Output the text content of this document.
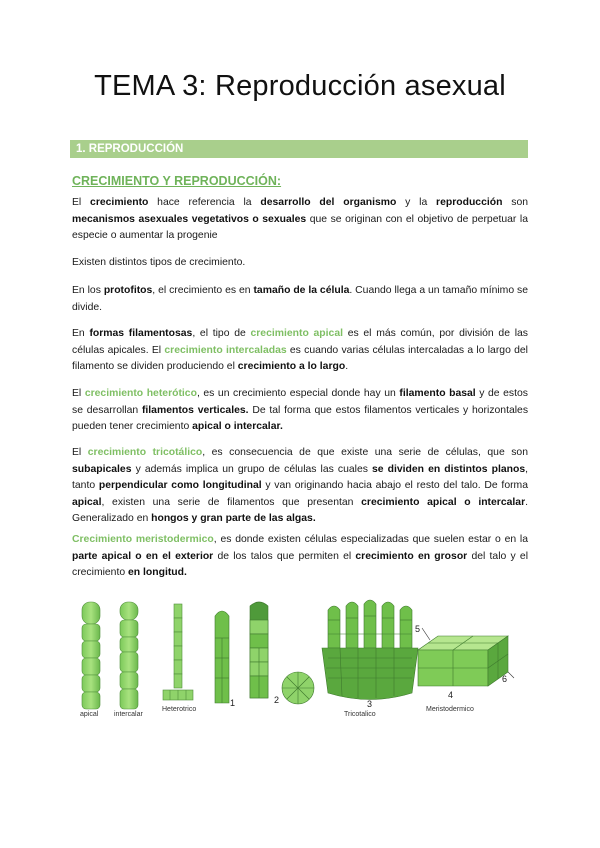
TEMA 3: Reproducción asexual
1. REPRODUCCIÓN
CRECIMIENTO Y REPRODUCCIÓN:
El crecimiento hace referencia la desarrollo del organismo y la reproducción son mecanismos asexuales vegetativos o sexuales que se originan con el objetivo de perpetuar la especie o aumentar la progenie
Existen distintos tipos de crecimiento.
En los protofitos, el crecimiento es en tamaño de la célula. Cuando llega a un tamaño mínimo se divide.
En formas filamentosas, el tipo de crecimiento apical es el más común, por división de las células apicales. El crecimiento intercaladas es cuando varias células intercaladas a lo largo del filamento se dividen produciendo el crecimiento a lo largo.
El crecimiento heterótico, es un crecimiento especial donde hay un filamento basal y de estos se desarrollan filamentos verticales. De tal forma que estos filamentos verticales y horizontales pueden tener crecimiento apical o intercalar.
El crecimiento tricotálico, es consecuencia de que existe una serie de células, que son subapicales y además implica un grupo de células las cuales se dividen en distintos planos, tanto perpendicular como longitudinal y van originando hacia abajo el resto del talo. De forma apical, existen una serie de filamentos que presentan crecimiento apical o intercalar. Generalizado en hongos y gran parte de las algas.
Crecimiento meristodermico, es donde existen células especializadas que suelen estar o en la parte apical o en el exterior de los talos que permiten el crecimiento en grosor del talo y el crecimiento en longitud.
apical intercalar
Heterotrico
Tricotalico
Meristodermico
1	2	3
4
5
6
